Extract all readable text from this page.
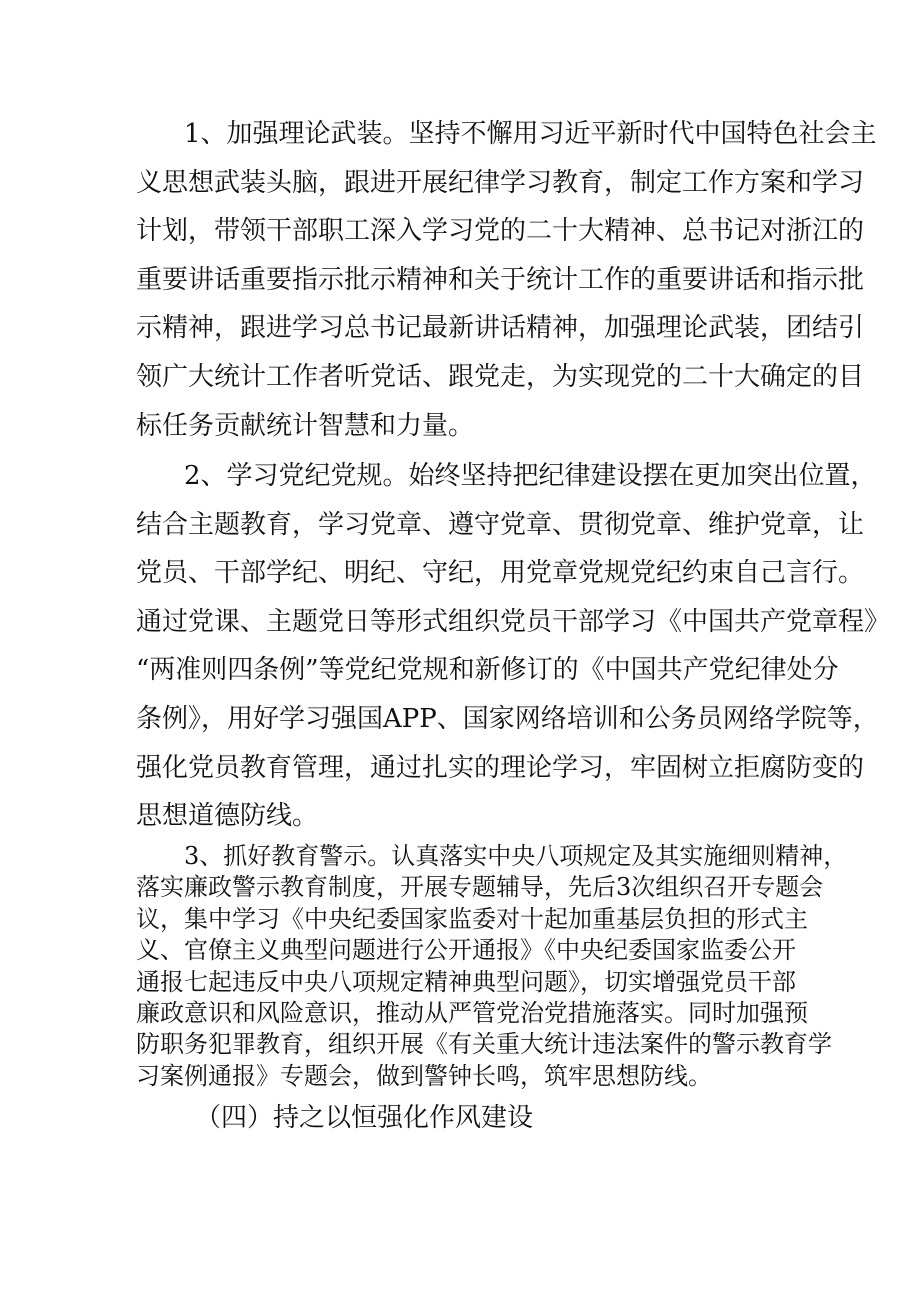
1、加强理论武装。坚持不懈用习近平新时代中国特色社会主
义思想武装头脑，跟进开展纪律学习教育，制定工作方案和学习
计划，带领干部职工深入学习党的二十大精神、总书记对浙江的
重要讲话重要指示批示精神和关于统计工作的重要讲话和指示批
示精神，跟进学习总书记最新讲话精神，加强理论武装，团结引
领广大统计工作者听党话、跟党走，为实现党的二十大确定的目
标任务贡献统计智慧和力量。
2、学习党纪党规。始终坚持把纪律建设摆在更加突出位置，
结合主题教育，学习党章、遵守党章、贯彻党章、维护党章，让
党员、干部学纪、明纪、守纪，用党章党规党纪约束自己言行。
通过党课、主题党日等形式组织党员干部学习《中国共产党章程》
“两准则四条例”等党纪党规和新修订的《中国共产党纪律处分
条例》，用好学习强国APP、国家网络培训和公务员网络学院等，
强化党员教育管理，通过扎实的理论学习，牢固树立拒腐防变的
思想道德防线。
3、抓好教育警示。认真落实中央八项规定及其实施细则精神，
落实廉政警示教育制度，开展专题辅导，先后3次组织召开专题会
议，集中学习《中央纪委国家监委对十起加重基层负担的形式主
义、官僚主义典型问题进行公开通报》《中央纪委国家监委公开
通报七起违反中央八项规定精神典型问题》，切实增强党员干部
廉政意识和风险意识，推动从严管党治党措施落实。同时加强预
防职务犯罪教育，组织开展《有关重大统计违法案件的警示教育学
习案例通报》专题会，做到警钟长鸣，筑牢思想防线。
（四）持之以恒强化作风建设
